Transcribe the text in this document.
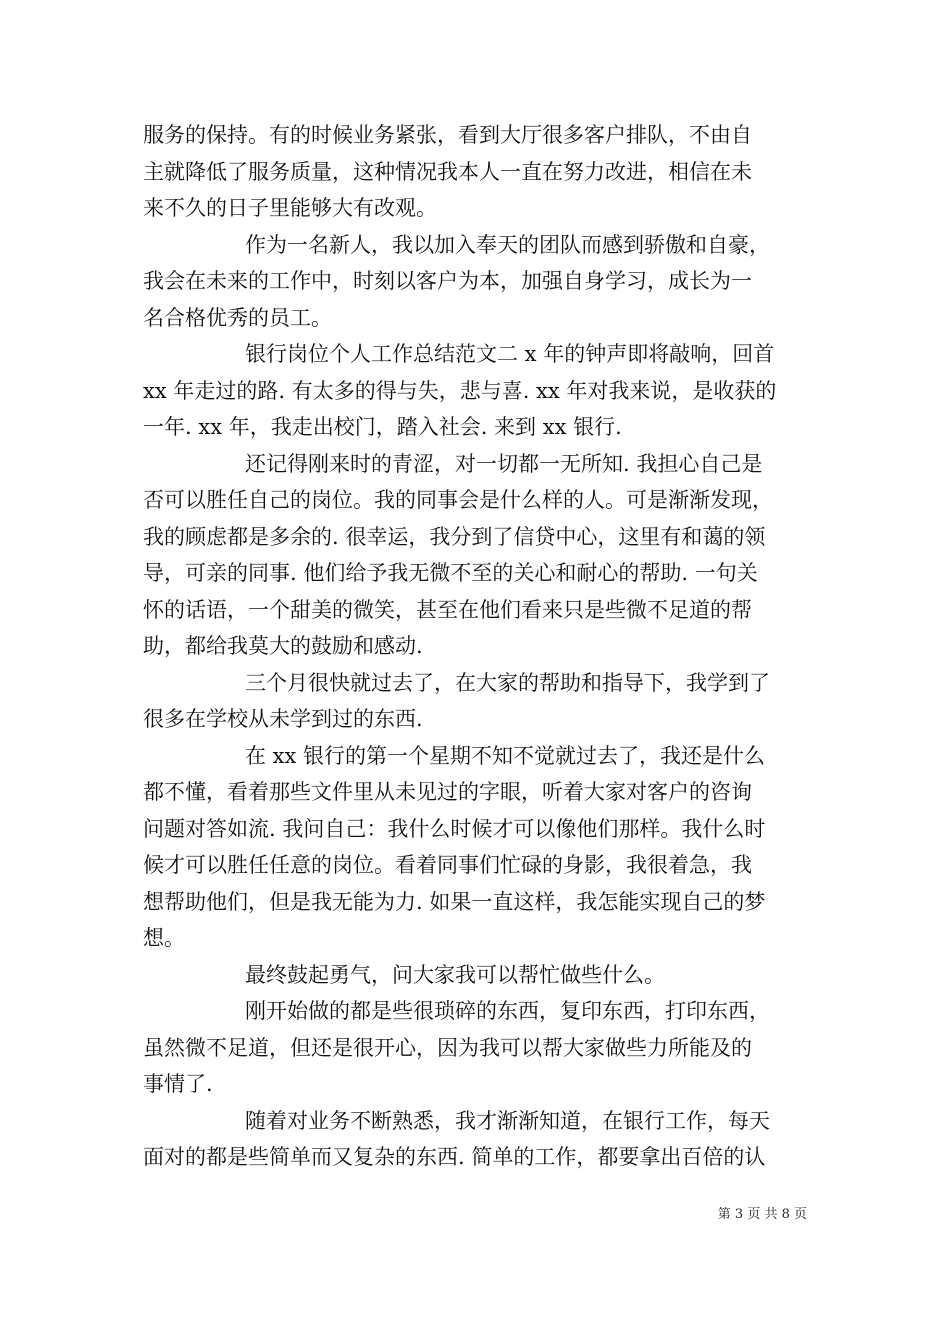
服务的保持。有的时候业务紧张，看到大厅很多客户排队，不由自
主就降低了服务质量，这种情况我本人一直在努力改进，相信在未
来不久的日子里能够大有改观。
作为一名新人，我以加入奉天的团队而感到骄傲和自豪，
我会在未来的工作中，时刻以客户为本，加强自身学习，成长为一
名合格优秀的员工。
银行岗位个人工作总结范文二 x 年的钟声即将敲响，回首
xx 年走过的路. 有太多的得与失，悲与喜. xx 年对我来说，是收获的
一年. xx 年，我走出校门，踏入社会. 来到 xx 银行.
还记得刚来时的青涩，对一切都一无所知. 我担心自己是
否可以胜任自己的岗位。我的同事会是什么样的人。可是渐渐发现，
我的顾虑都是多余的. 很幸运，我分到了信贷中心，这里有和蔼的领
导，可亲的同事. 他们给予我无微不至的关心和耐心的帮助. 一句关
怀的话语，一个甜美的微笑，甚至在他们看来只是些微不足道的帮
助，都给我莫大的鼓励和感动.
三个月很快就过去了，在大家的帮助和指导下，我学到了
很多在学校从未学到过的东西.
在 xx 银行的第一个星期不知不觉就过去了，我还是什么
都不懂，看着那些文件里从未见过的字眼，听着大家对客户的咨询
问题对答如流. 我问自己：我什么时候才可以像他们那样。我什么时
候才可以胜任任意的岗位。看着同事们忙碌的身影，我很着急，我
想帮助他们，但是我无能为力. 如果一直这样，我怎能实现自己的梦
想。
最终鼓起勇气，问大家我可以帮忙做些什么。
刚开始做的都是些很琐碎的东西，复印东西，打印东西，
虽然微不足道，但还是很开心，因为我可以帮大家做些力所能及的
事情了.
随着对业务不断熟悉，我才渐渐知道，在银行工作，每天
面对的都是些简单而又复杂的东西. 简单的工作，都要拿出百倍的认
第 3 页 共 8 页
